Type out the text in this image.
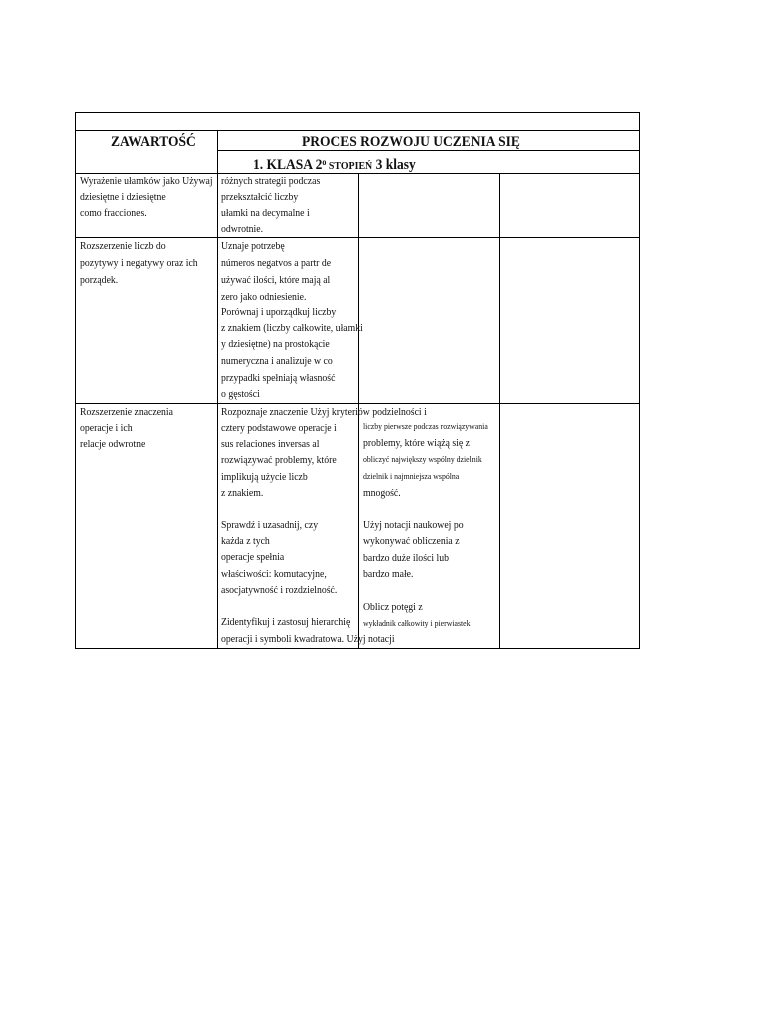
ZAWARTOŚĆ	PROCES ROZWOJU UCZENIA SIĘ
1. KLASA 2$^o$ STOPIEŃ 3 klasy
Wyrażenie ułamków jako Używaj
dziesiętne i dziesiętne
como fracciones.
różnych strategii podczas
przekształcić liczby
ułamki na decymalne i
odwrotnie.
Rozszerzenie liczb do
pozytywy i negatywy oraz ich
porządek.
Uznaje potrzebę
números negatvos a partr de
używać ilości, które mają al
zero jako odniesienie.
Porównaj i uporządkuj liczby
z znakiem (liczby całkowite, ułamki
y dziesiętne) na prostokącie
numeryczna i analizuje w co
przypadki spełniają własność
o gęstości
Rozszerzenie znaczenia
operacje i ich
relacje odwrotne
Rozpoznaje znaczenie Użyj kryteriów podzielności i
cztery podstawowe operacje i
sus relaciones inversas al
rozwiązywać problemy, które
implikują użycie liczb
z znakiem.
Sprawdź i uzasadnij, czy
każda z tych
operacje spełnia
właściwości: komutacyjne,
asocjatywność i rozdzielność.
Zidentyfikuj i zastosuj hierarchię
operacji i symboli kwadratowa. Użyj notacji
liczby pierwsze podczas rozwiązywania
problemy, które wiążą się z
obliczyć największy wspólny dzielnik
dzielnik i najmniejsza wspólna
mnogość.
Użyj notacji naukowej po
wykonywać obliczenia z
bardzo duże ilości lub
bardzo małe.
Oblicz potęgi z
wykładnik całkowity i pierwiastek
